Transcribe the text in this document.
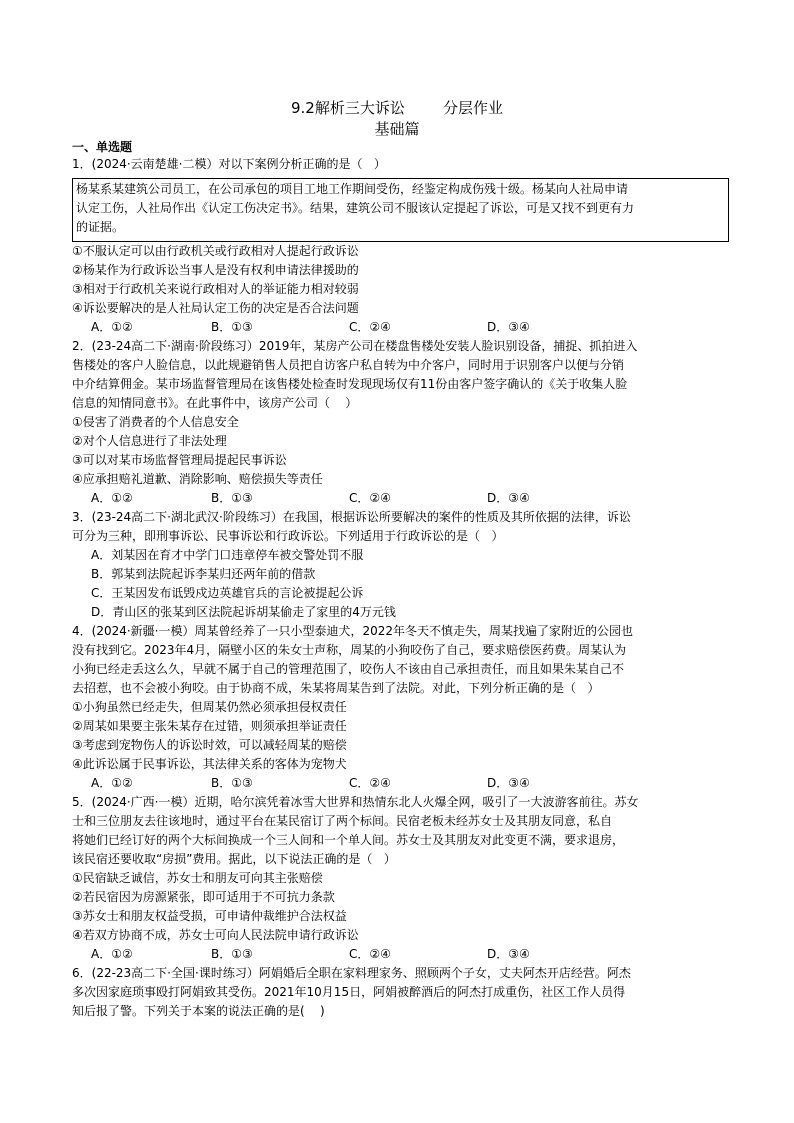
9.2解析三大诉讼        分层作业
基础篇
一、单选题
1．(2024·云南楚雄·二模）对以下案例分析正确的是（   ）
杨某系某建筑公司员工，在公司承包的项目工地工作期间受伤，经鉴定构成伤残十级。杨某向人社局申请
认定工伤，人社局作出《认定工伤决定书》。结果，建筑公司不服该认定提起了诉讼，可是又找不到更有力
的证据。
①不服认定可以由行政机关或行政相对人提起行政诉讼
②杨某作为行政诉讼当事人是没有权利申请法律援助的
③相对于行政机关来说行政相对人的举证能力相对较弱
④诉讼要解决的是人社局认定工伤的决定是否合法问题
A．①②	B．①③	C．②④	D．③④
2．(23-24高二下·湖南·阶段练习）2019年，某房产公司在楼盘售楼处安装人脸识别设备，捕捉、抓拍进入
售楼处的客户人脸信息，以此规避销售人员把自访客户私自转为中介客户，同时用于识别客户以便与分销
中介结算佣金。某市场监督管理局在该售楼处检查时发现现场仅有11份由客户签字确认的《关于收集人脸
信息的知情同意书》。在此事件中，该房产公司（    ）
①侵害了消费者的个人信息安全
②对个人信息进行了非法处理
③可以对某市场监督管理局提起民事诉讼
④应承担赔礼道歉、消除影响、赔偿损失等责任
A．①②	B．①③	C．②④	D．③④
3．(23-24高二下·湖北武汉·阶段练习）在我国，根据诉讼所要解决的案件的性质及其所依据的法律，诉讼
可分为三种，即刑事诉讼、民事诉讼和行政诉讼。下列适用于行政诉讼的是（   ）
A．刘某因在育才中学门口违章停车被交警处罚不服
B．郭某到法院起诉李某归还两年前的借款
C．王某因发布诋毁戍边英雄官兵的言论被提起公诉
D．青山区的张某到区法院起诉胡某偷走了家里的4万元钱
4．(2024·新疆·一模）周某曾经养了一只小型泰迪犬，2022年冬天不慎走失，周某找遍了家附近的公园也
没有找到它。2023年4月，隔壁小区的朱女士声称，周某的小狗咬伤了自己，要求赔偿医药费。周某认为
小狗已经走丢这么久，早就不属于自己的管理范围了，咬伤人不该由自己承担责任，而且如果朱某自己不
去招惹，也不会被小狗咬。由于协商不成，朱某将周某告到了法院。对此，下列分析正确的是（   ）
①小狗虽然已经走失，但周某仍然必须承担侵权责任
②周某如果要主张朱某存在过错，则须承担举证责任
③考虑到宠物伤人的诉讼时效，可以减轻周某的赔偿
④此诉讼属于民事诉讼，其法律关系的客体为宠物犬
A．①②	B．①③	C．②④	D．③④
5．(2024·广西·一模）近期，哈尔滨凭着冰雪大世界和热情东北人火爆全网，吸引了一大波游客前往。苏女
士和三位朋友去往该地时，通过平台在某民宿订了两个标间。民宿老板未经苏女士及其朋友同意，私自
将她们已经订好的两个大标间换成一个三人间和一个单人间。苏女士及其朋友对此变更不满，要求退房，
该民宿还要收取“房损”费用。据此，以下说法正确的是（   ）
①民宿缺乏诚信，苏女士和朋友可向其主张赔偿
②若民宿因为房源紧张，即可适用于不可抗力条款
③苏女士和朋友权益受损，可申请仲裁维护合法权益
④若双方协商不成，苏女士可向人民法院申请行政诉讼
A．①②	B．①③	C．②④	D．③④
6．(22-23高二下·全国·课时练习）阿娟婚后全职在家料理家务、照顾两个子女，丈夫阿杰开店经营。阿杰
多次因家庭琐事殴打阿娟致其受伤。2021年10月15日，阿娟被醉酒后的阿杰打成重伤，社区工作人员得
知后报了警。下列关于本案的说法正确的是(    )
